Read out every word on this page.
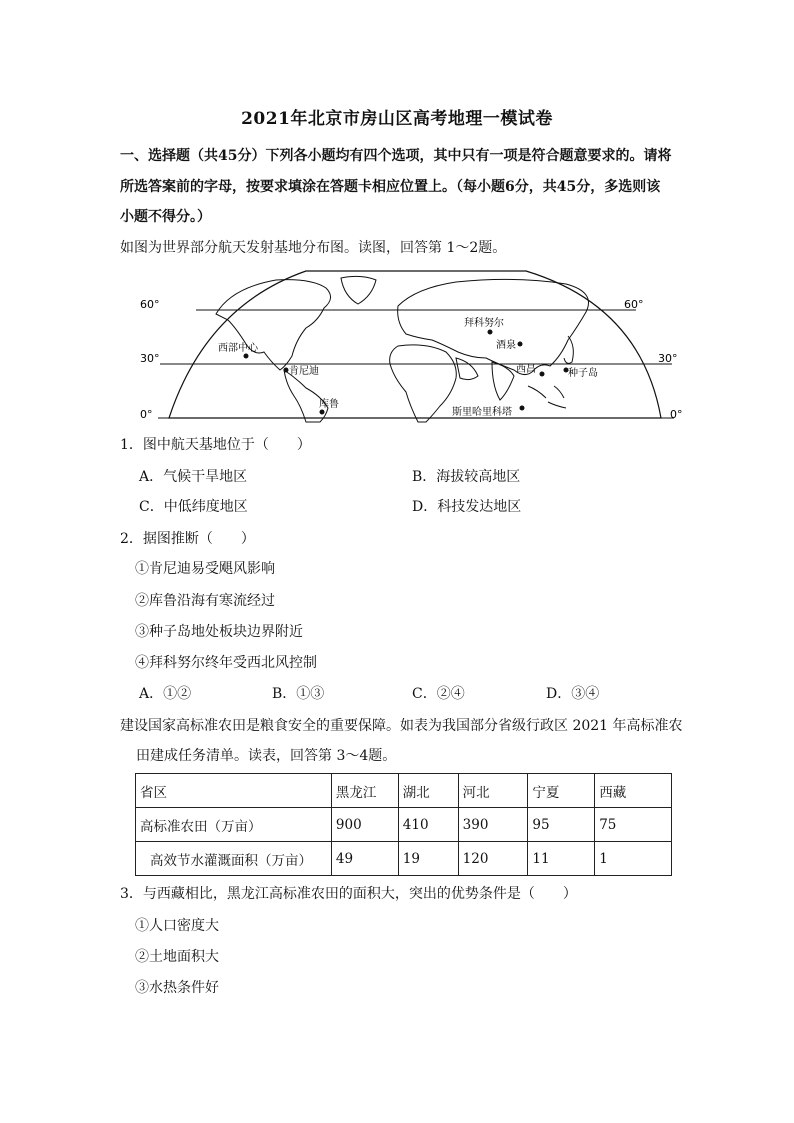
2021年北京市房山区高考地理一模试卷
一、选择题（共45分）下列各小题均有四个选项，其中只有一项是符合题意要求的。请将
所选答案前的字母，按要求填涂在答题卡相应位置上。（每小题6分，共45分，多选则该
小题不得分。）
如图为世界部分航天发射基地分布图。读图，回答第 1～2题。
60°
30°
0°
60°
30°
0°
西部中心
肯尼迪
库鲁
拜科努尔
酒泉
西昌	种子岛
斯里哈里科塔
1．图中航天基地位于（　　）
A．气候干旱地区	B．海拔较高地区
C．中低纬度地区	D．科技发达地区
2．据图推断（　　）
①肯尼迪易受飓风影响
②库鲁沿海有寒流经过
③种子岛地处板块边界附近
④拜科努尔终年受西北风控制
A．①②	B．①③	C．②④	D．③④
建设国家高标准农田是粮食安全的重要保障。如表为我国部分省级行政区 2021 年高标准农
田建成任务清单。读表，回答第 3～4题。
省区	黑龙江	湖北	河北	宁夏	西藏
高标准农田（万亩）	900	410	390	95	75
高效节水灌溉面积（万亩）	49	19	120	11	1
3．与西藏相比，黑龙江高标准农田的面积大，突出的优势条件是（　　）
①人口密度大
②土地面积大
③水热条件好
